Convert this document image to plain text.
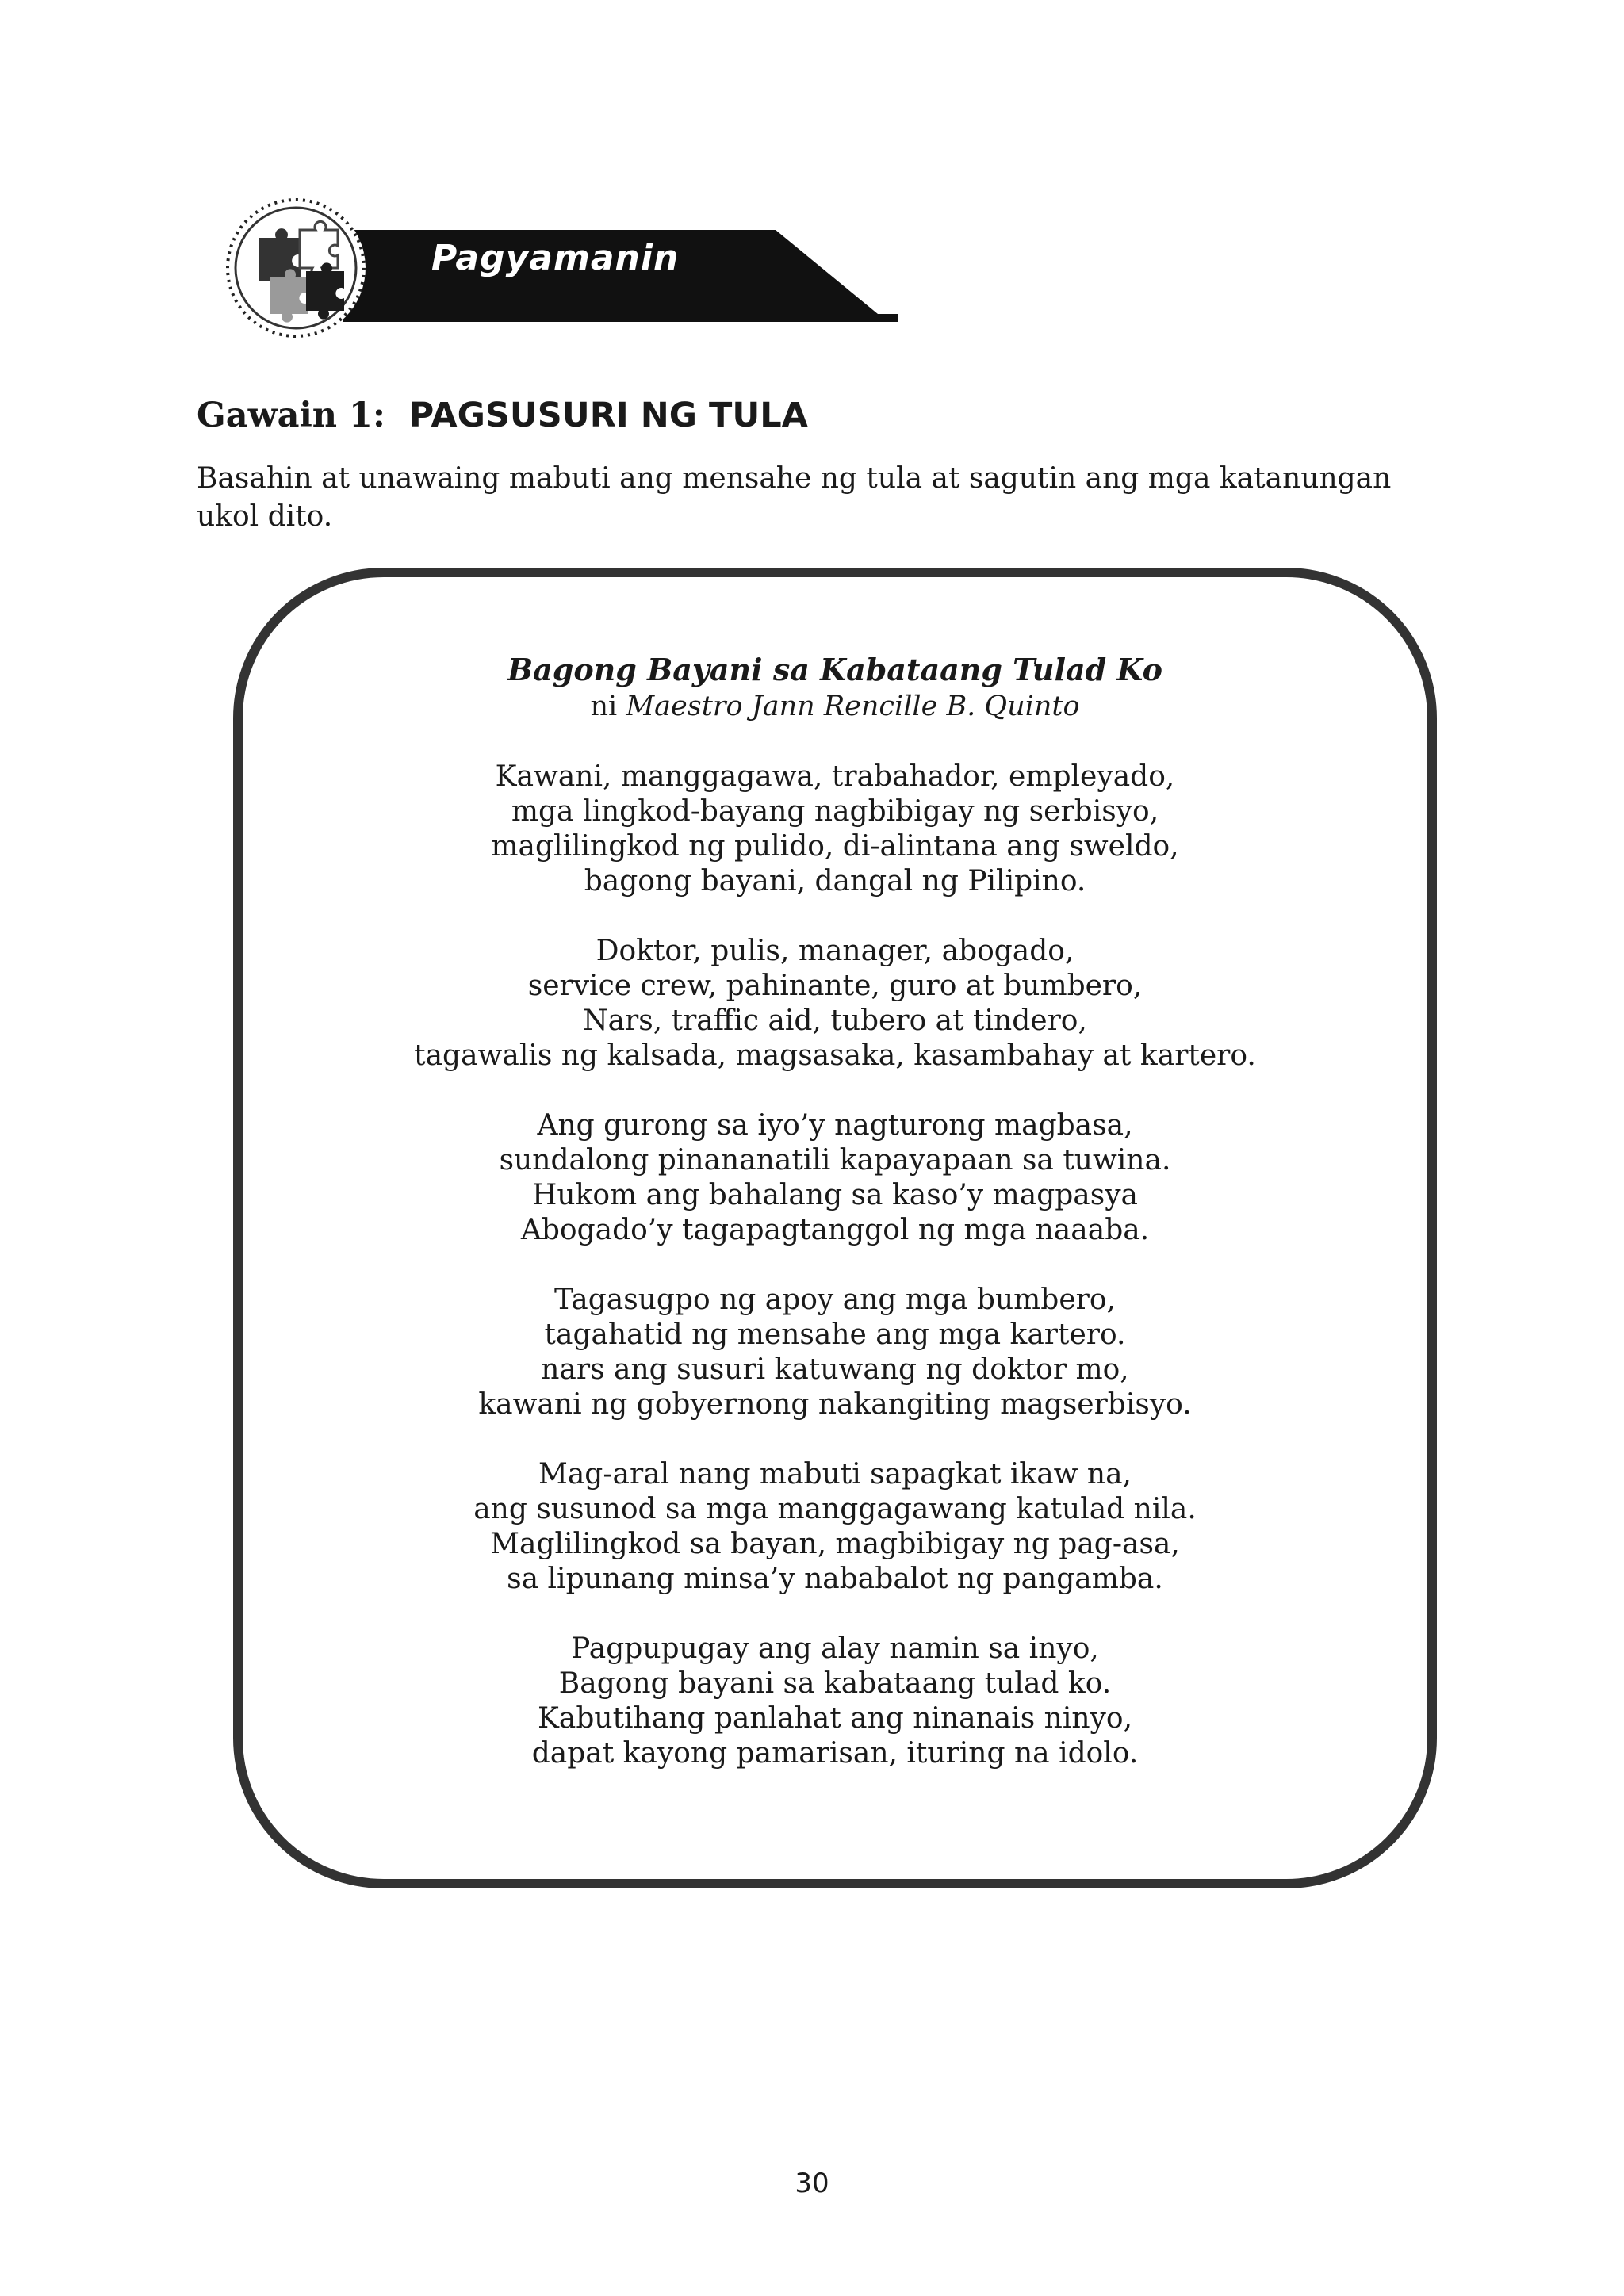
Pagyamanin
Gawain 1: PAGSUSURI NG TULA

Basahin at unawaing mabuti ang mensahe ng tula at sagutin ang mga katanungan ukol dito.

Bagong Bayani sa Kabataang Tulad Ko

ni Maestro Jann Rencille B. Quinto

Kawani, manggagawa, trabahador, empleyado,
mga lingkod-bayang nagbibigay ng serbisyo,
maglilingkod ng pulido, di-alintana ang sweldo,
bagong bayani, dangal ng Pilipino.
Doktor, pulis, manager, abogado,
service crew, pahinante, guro at bumbero,
Nars, traffic aid, tubero at tindero,
tagawalis ng kalsada, magsasaka, kasambahay at kartero.
Ang gurong sa iyo’y nagturong magbasa,
sundalong pinananatili kapayapaan sa tuwina.
Hukom ang bahalang sa kaso’y magpasya
Abogado’y tagapagtanggol ng mga naaaba.
Tagasugpo ng apoy ang mga bumbero,
tagahatid ng mensahe ang mga kartero.
nars ang susuri katuwang ng doktor mo,
kawani ng gobyernong nakangiting magserbisyo.
Mag-aral nang mabuti sapagkat ikaw na,
ang susunod sa mga manggagawang katulad nila.
Maglilingkod sa bayan, magbibigay ng pag-asa,
sa lipunang minsa’y nababalot ng pangamba.
Pagpupugay ang alay namin sa inyo,
Bagong bayani sa kabataang tulad ko.
Kabutihang panlahat ang ninanais ninyo,
dapat kayong pamarisan, ituring na idolo.
30
